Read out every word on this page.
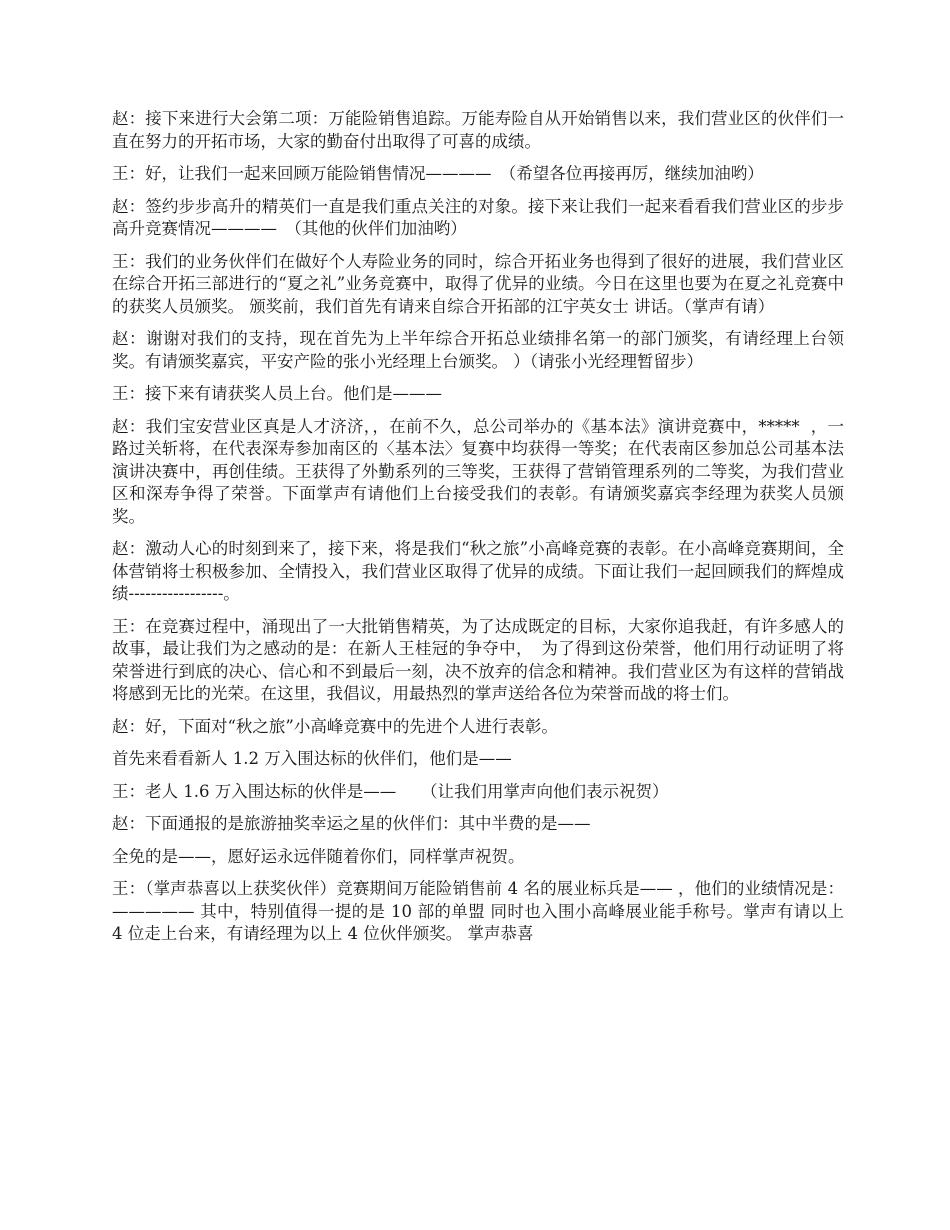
赵：接下来进行大会第二项：万能险销售追踪。万能寿险自从开始销售以来，我们营业区的伙伴们一直在努力的开拓市场，大家的勤奋付出取得了可喜的成绩。

王：好，让我们一起来回顾万能险销售情况————　（希望各位再接再厉，继续加油哟）

赵：签约步步高升的精英们一直是我们重点关注的对象。接下来让我们一起来看看我们营业区的步步高升竞赛情况————　（其他的伙伴们加油哟）

王：我们的业务伙伴们在做好个人寿险业务的同时，综合开拓业务也得到了很好的进展，我们营业区在综合开拓三部进行的“夏之礼”业务竞赛中，取得了优异的业绩。今日在这里也要为在夏之礼竞赛中的获奖人员颁奖。 颁奖前，我们首先有请来自综合开拓部的江宇英女士 讲话。（掌声有请）

赵：谢谢对我们的支持，现在首先为上半年综合开拓总业绩排名第一的部门颁奖，有请经理上台领奖。有请颁奖嘉宾，平安产险的张小光经理上台颁奖。 ）（请张小光经理暂留步）

王：接下来有请获奖人员上台。他们是———

赵：我们宝安营业区真是人才济济，，在前不久，总公司举办的《基本法》演讲竞赛中，*****  ，一路过关斩将，在代表深寿参加南区的〈基本法〉复赛中均获得一等奖；在代表南区参加总公司基本法演讲决赛中，再创佳绩。王获得了外勤系列的三等奖，王获得了营销管理系列的二等奖，为我们营业区和深寿争得了荣誉。下面掌声有请他们上台接受我们的表彰。有请颁奖嘉宾李经理为获奖人员颁奖。

赵：激动人心的时刻到来了，接下来，将是我们“秋之旅”小高峰竞赛的表彰。在小高峰竞赛期间，全体营销将士积极参加、全情投入，我们营业区取得了优异的成绩。下面让我们一起回顾我们的辉煌成绩-----------------。

王：在竞赛过程中，涌现出了一大批销售精英，为了达成既定的目标，大家你追我赶，有许多感人的故事，最让我们为之感动的是：在新人王桂冠的争夺中，　为了得到这份荣誉，他们用行动证明了将荣誉进行到底的决心、信心和不到最后一刻，决不放弃的信念和精神。我们营业区为有这样的营销战将感到无比的光荣。在这里，我倡议，用最热烈的掌声送给各位为荣誉而战的将士们。

赵：好，下面对“秋之旅”小高峰竞赛中的先进个人进行表彰。

首先来看看新人 1.2 万入围达标的伙伴们，他们是——

王：老人 1.6 万入围达标的伙伴是——　　（让我们用掌声向他们表示祝贺）

赵：下面通报的是旅游抽奖幸运之星的伙伴们：其中半费的是——

全免的是——，愿好运永远伴随着你们，同样掌声祝贺。

王：（掌声恭喜以上获奖伙伴）竞赛期间万能险销售前 4 名的展业标兵是—— ，他们的业绩情况是：————— 其中，特别值得一提的是 10 部的单盟 同时也入围小高峰展业能手称号。掌声有请以上 4 位走上台来，有请经理为以上 4 位伙伴颁奖。 掌声恭喜
